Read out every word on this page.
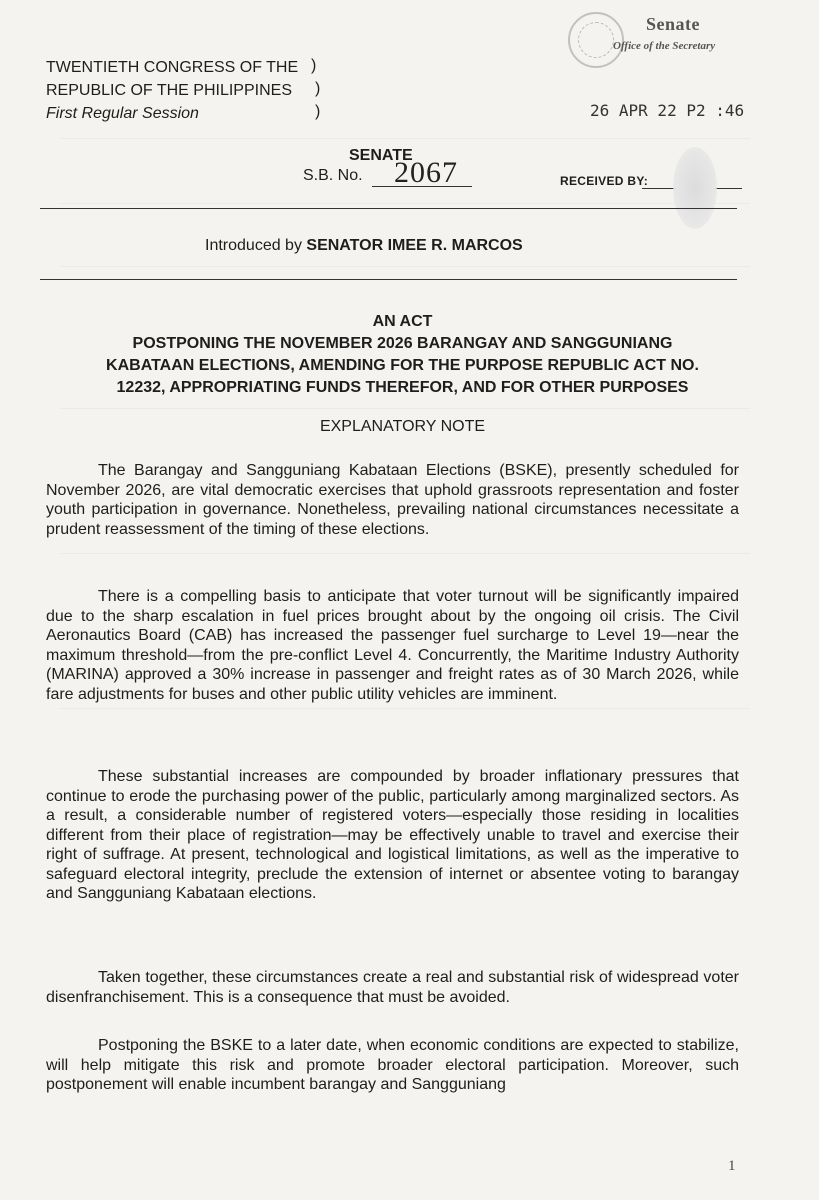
TWENTIETH CONGRESS OF THE
REPUBLIC OF THE PHILIPPINES
First Regular Session
)
)
)
Senate
Office of the Secretary
26 APR 22 P2 :46
SENATE
S.B. No. 2067	RECEIVED BY:
Introduced by SENATOR IMEE R. MARCOS
AN ACT
POSTPONING THE NOVEMBER 2026 BARANGAY AND SANGGUNIANG
KABATAAN ELECTIONS, AMENDING FOR THE PURPOSE REPUBLIC ACT NO.
12232, APPROPRIATING FUNDS THEREFOR, AND FOR OTHER PURPOSES
EXPLANATORY NOTE

The Barangay and Sangguniang Kabataan Elections (BSKE), presently scheduled for November 2026, are vital democratic exercises that uphold grassroots representation and foster youth participation in governance. Nonetheless, prevailing national circumstances necessitate a prudent reassessment of the timing of these elections.

There is a compelling basis to anticipate that voter turnout will be significantly impaired due to the sharp escalation in fuel prices brought about by the ongoing oil crisis. The Civil Aeronautics Board (CAB) has increased the passenger fuel surcharge to Level 19—near the maximum threshold—from the pre-conflict Level 4. Concurrently, the Maritime Industry Authority (MARINA) approved a 30% increase in passenger and freight rates as of 30 March 2026, while fare adjustments for buses and other public utility vehicles are imminent.

These substantial increases are compounded by broader inflationary pressures that continue to erode the purchasing power of the public, particularly among marginalized sectors. As a result, a considerable number of registered voters—especially those residing in localities different from their place of registration—may be effectively unable to travel and exercise their right of suffrage. At present, technological and logistical limitations, as well as the imperative to safeguard electoral integrity, preclude the extension of internet or absentee voting to barangay and Sangguniang Kabataan elections.

Taken together, these circumstances create a real and substantial risk of widespread voter disenfranchisement. This is a consequence that must be avoided.

Postponing the BSKE to a later date, when economic conditions are expected to stabilize, will help mitigate this risk and promote broader electoral participation. Moreover, such postponement will enable incumbent barangay and Sangguniang

1
